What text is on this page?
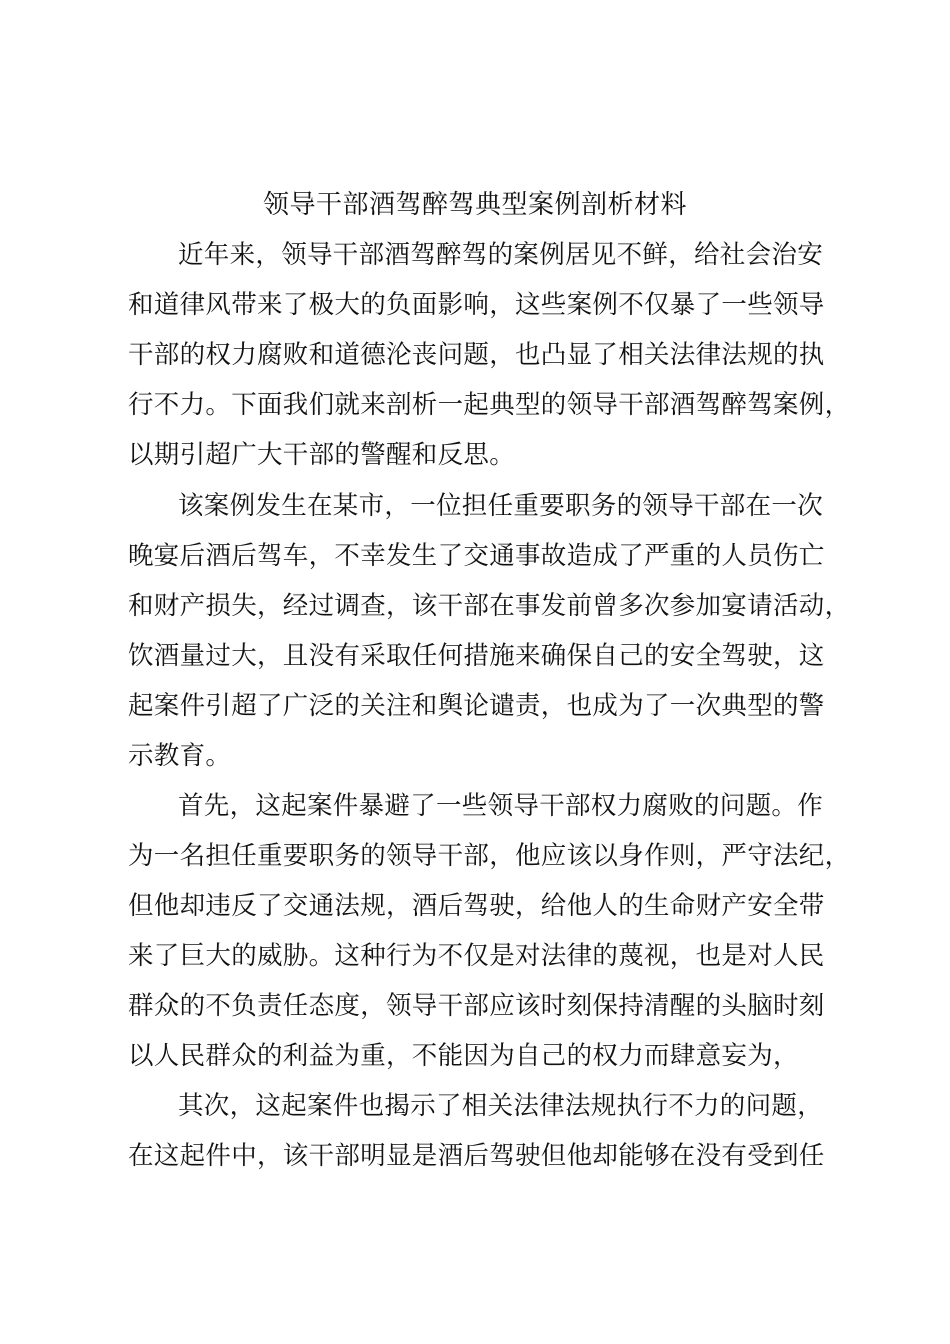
领导干部酒驾醉驾典型案例剖析材料
近年来，领导干部酒驾醉驾的案例居见不鲜，给社会治安
和道律风带来了极大的负面影响，这些案例不仅暴了一些领导
干部的权力腐败和道德沦丧问题，也凸显了相关法律法规的执
行不力。下面我们就来剖析一起典型的领导干部酒驾醉驾案例，
以期引超广大干部的警醒和反思。
该案例发生在某市，一位担任重要职务的领导干部在一次
晚宴后酒后驾车，不幸发生了交通事故造成了严重的人员伤亡
和财产损失，经过调查，该干部在事发前曾多次参加宴请活动，
饮酒量过大，且没有采取任何措施来确保自己的安全驾驶，这
起案件引超了广泛的关注和舆论谴责，也成为了一次典型的警
示教育。
首先，这起案件暴避了一些领导干部权力腐败的问题。作
为一名担任重要职务的领导干部，他应该以身作则，严守法纪，
但他却违反了交通法规，酒后驾驶，给他人的生命财产安全带
来了巨大的威胁。这种行为不仅是对法律的蔑视，也是对人民
群众的不负责任态度，领导干部应该时刻保持清醒的头脑时刻
以人民群众的利益为重，不能因为自己的权力而肆意妄为，
其次，这起案件也揭示了相关法律法规执行不力的问题，
在这起件中，该干部明显是酒后驾驶但他却能够在没有受到任
